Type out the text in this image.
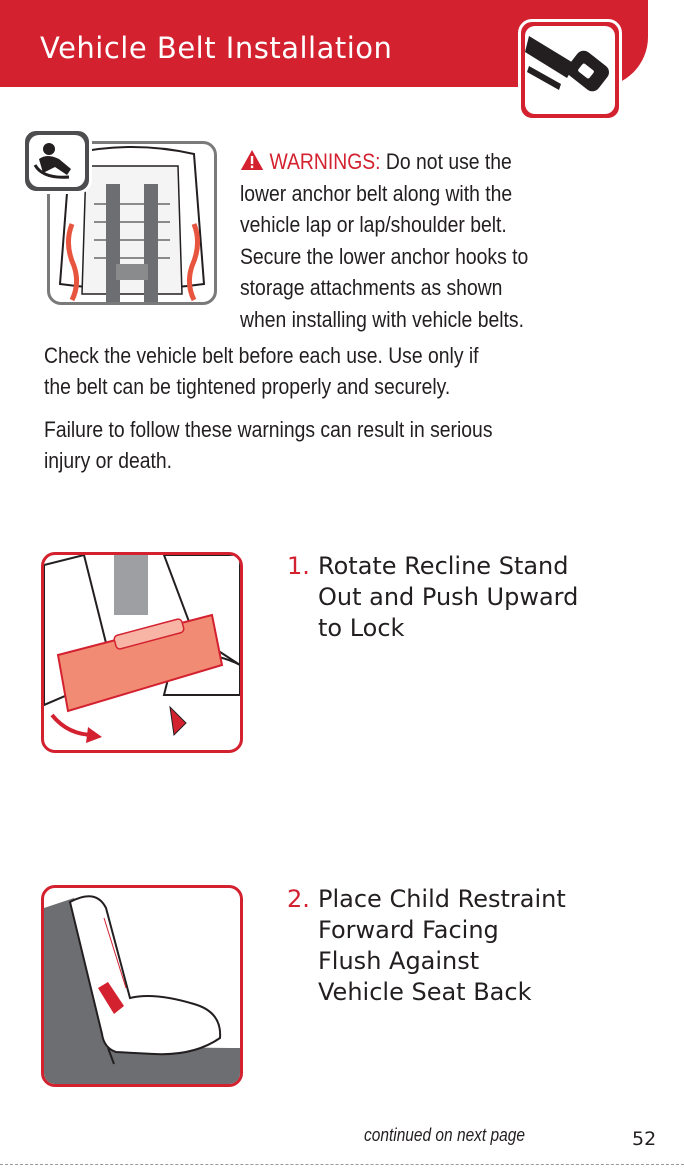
Vehicle Belt Installation
WARNINGS: Do not use the
lower anchor belt along with the
vehicle lap or lap/shoulder belt.
Secure the lower anchor hooks to
storage attachments as shown
when installing with vehicle belts.
Check the vehicle belt before each use. Use only if
the belt can be tightened properly and securely.
Failure to follow these warnings can result in serious
injury or death.
1. Rotate Recline Stand
Out and Push Upward
to Lock
2. Place Child Restraint
Forward Facing
Flush Against
Vehicle Seat Back
continued on next page	52
